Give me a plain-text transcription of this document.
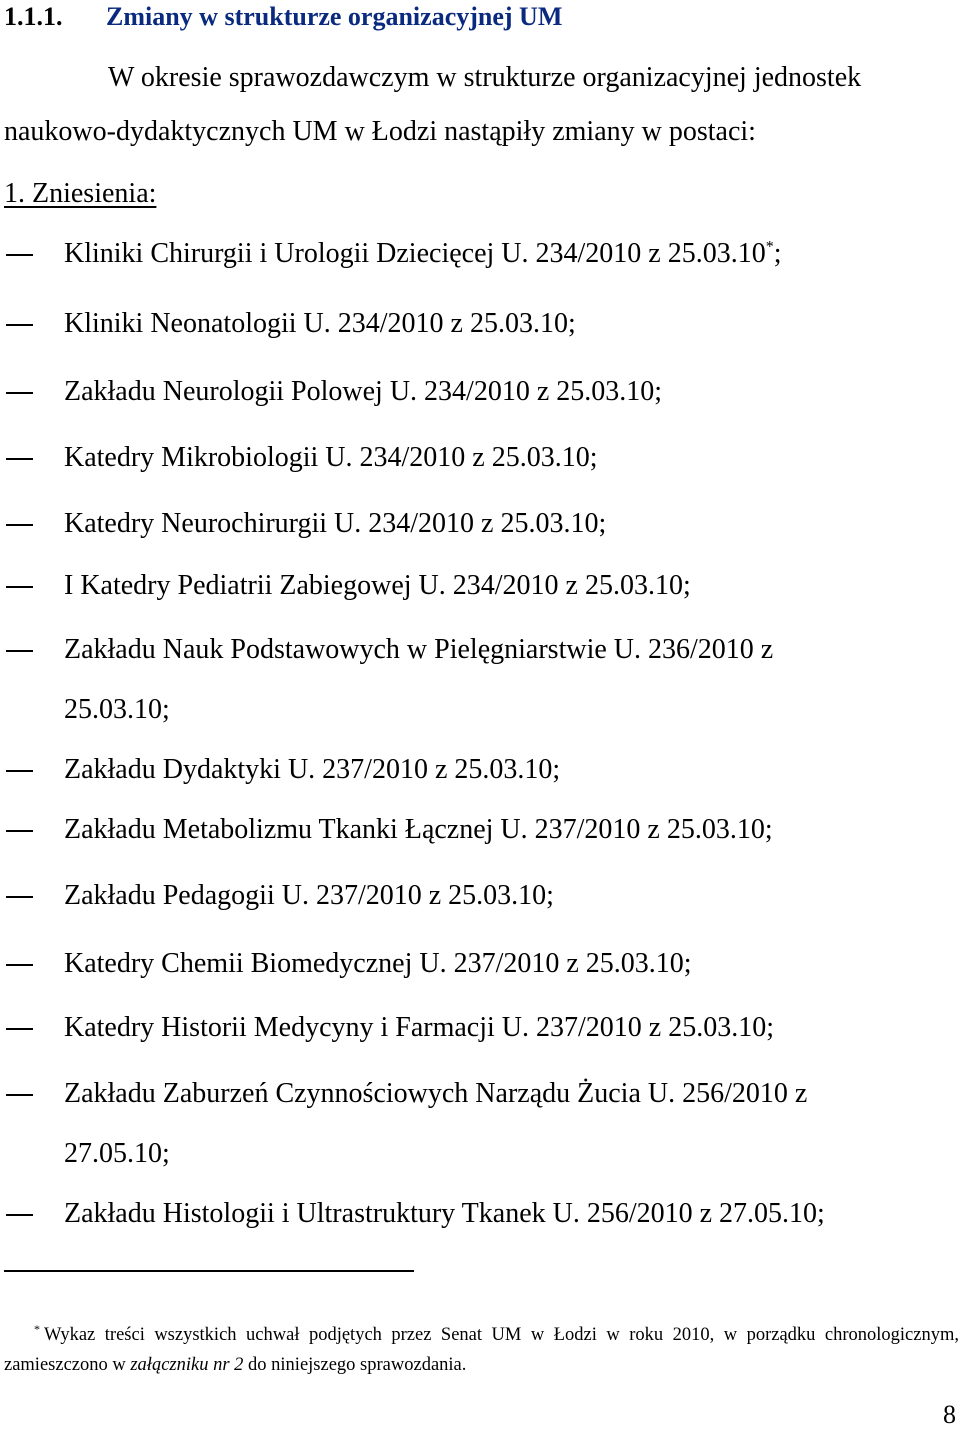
1.1.1. Zmiany w strukturze organizacyjnej UM
W okresie sprawozdawczym w strukturze organizacyjnej jednostek
naukowo-dydaktycznych UM w Łodzi nastąpiły zmiany w postaci:
1. Zniesienia:
Kliniki Chirurgii i Urologii Dziecięcej U. 234/2010 z 25.03.10*;
Kliniki Neonatologii U. 234/2010 z 25.03.10;
Zakładu Neurologii Polowej U. 234/2010 z 25.03.10;
Katedry Mikrobiologii U. 234/2010 z 25.03.10;
Katedry Neurochirurgii U. 234/2010 z 25.03.10;
I Katedry Pediatrii Zabiegowej U. 234/2010 z 25.03.10;
Zakładu Nauk Podstawowych w Pielęgniarstwie U. 236/2010 z
25.03.10;
Zakładu Dydaktyki U. 237/2010 z 25.03.10;
Zakładu Metabolizmu Tkanki Łącznej U. 237/2010 z 25.03.10;
Zakładu Pedagogii U. 237/2010 z 25.03.10;
Katedry Chemii Biomedycznej U. 237/2010 z 25.03.10;
Katedry Historii Medycyny i Farmacji U. 237/2010 z 25.03.10;
Zakładu Zaburzeń Czynnościowych Narządu Żucia U. 256/2010 z
27.05.10;
Zakładu Histologii i Ultrastruktury Tkanek U. 256/2010 z 27.05.10;
* Wykaz treści wszystkich uchwał podjętych przez Senat UM w Łodzi w roku 2010, w porządku chronologicznym, zamieszczono w załączniku nr 2 do niniejszego sprawozdania.
8
